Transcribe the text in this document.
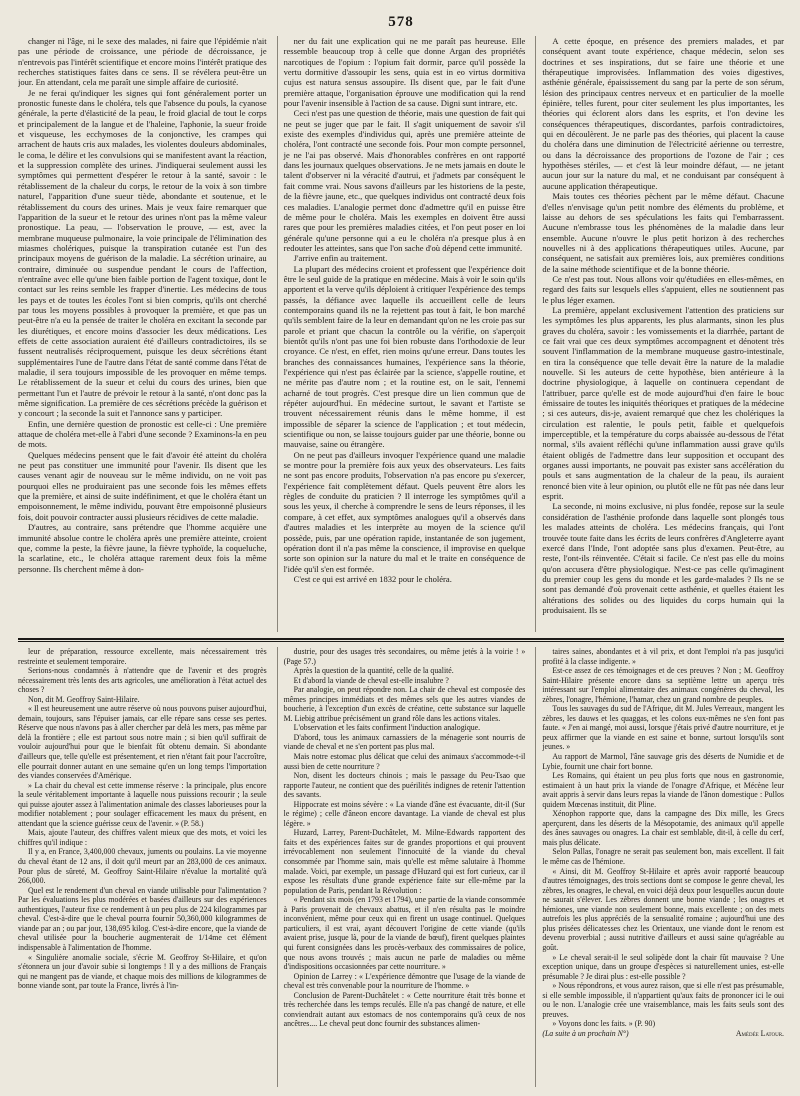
578

changer ni l'âge, ni le sexe des malades, ni faire que l'épidémie n'ait pas une période de croissance, une période de décroissance, je n'entrevois pas l'intérêt scientifique et encore moins l'intérêt pratique des recherches statistiques faites dans ce sens. Il se révélera peut-être un jour. En attendant, cela me paraît une simple affaire de curiosité.

Je ne ferai qu'indiquer les signes qui font généralement porter un pronostic funeste dans le choléra, tels que l'absence du pouls, la cyanose générale, la perte d'élasticité de la peau, le froid glacial de tout le corps et principalement de la langue et de l'haleine, l'aphonie, la sueur froide et visqueuse, les ecchymoses de la conjonctive, les crampes qui arrachent de hauts cris aux malades, les violentes douleurs abdominales, le coma, le délire et les convulsions qui se manifestent avant la réaction, et la suppression complète des urines. J'indiquerai seulement aussi les symptômes qui permettent d'espérer le retour à la santé, savoir : le rétablissement de la chaleur du corps, le retour de la voix à son timbre naturel, l'apparition d'une sueur tiède, abondante et soutenue, et le rétablissement du cours des urines. Mais je veux faire remarquer que l'apparition de la sueur et le retour des urines n'ont pas la même valeur pronostique. La peau, — l'observation le prouve, — est, avec la membrane muqueuse pulmonaire, la voie principale de l'élimination des miasmes cholériques, puisque la transpiration cutanée est l'un des principaux moyens de guérison de la maladie. La sécrétion urinaire, au contraire, diminuée ou suspendue pendant le cours de l'affection, n'entraîne avec elle qu'une bien faible portion de l'agent toxique, dont le contact sur les reins semble les frapper d'inertie. Les médecins de tous les pays et de toutes les écoles l'ont si bien compris, qu'ils ont cherché par tous les moyens possibles à provoquer la première, et que pas un peut-être n'a eu la pensée de traiter le choléra en excitant la seconde par les diurétiques, et encore moins d'associer les deux médications. Les effets de cette association auraient été d'ailleurs contradictoires, ils se fussent neutralisés réciproquement, puisque les deux sécrétions étant supplémentaires l'une de l'autre dans l'état de santé comme dans l'état de maladie, il sera toujours impossible de les provoquer en même temps. Le rétablissement de la sueur et celui du cours des urines, bien que permettant l'un et l'autre de prévoir le retour à la santé, n'ont donc pas la même signification. La première de ces sécrétions précède la guérison et y concourt ; la seconde la suit et l'annonce sans y participer.

Enfin, une dernière question de pronostic est celle-ci : Une première attaque de choléra met-elle à l'abri d'une seconde ? Examinons-la en peu de mots.

Quelques médecins pensent que le fait d'avoir été atteint du choléra ne peut pas constituer une immunité pour l'avenir. Ils disent que les causes venant agir de nouveau sur le même individu, on ne voit pas pourquoi elles ne produiraient pas une seconde fois les mêmes effets que la première, et ainsi de suite indéfiniment, et que le choléra étant un empoisonnement, le même individu, pouvant être empoisonné plusieurs fois, doit pouvoir contracter aussi plusieurs récidives de cette maladie.

D'autres, au contraire, sans prétendre que l'homme acquière une immunité absolue contre le choléra après une première atteinte, croient que, comme la peste, la fièvre jaune, la fièvre typhoïde, la coqueluche, la scarlatine, etc., le choléra attaque rarement deux fois la même personne. Ils cherchent même à don-

ner du fait une explication qui ne me paraît pas heureuse. Elle ressemble beaucoup trop à celle que donne Argan des propriétés narcotiques de l'opium : l'opium fait dormir, parce qu'il possède la vertu dormitive d'assoupir les sens, quia est in eo virtus dormitiva cujus est natura sensus assoupire. Ils disent que, par le fait d'une première attaque, l'organisation éprouve une modification qui la rend pour l'avenir insensible à l'action de sa cause. Digni sunt intrare, etc.

Ceci n'est pas une question de théorie, mais une question de fait qui ne peut se juger que par le fait. Il s'agit uniquement de savoir s'il existe des exemples d'individus qui, après une première atteinte de choléra, l'ont contracté une seconde fois. Pour mon compte personnel, je ne l'ai pas observé. Mais d'honorables confrères en ont rapporté dans les journaux quelques observations. Je ne mets jamais en doute le talent d'observer ni la véracité d'autrui, et j'admets par conséquent le fait comme vrai. Nous savons d'ailleurs par les historiens de la peste, de la fièvre jaune, etc., que quelques individus ont contracté deux fois ces maladies. L'analogie permet donc d'admettre qu'il en puisse être de même pour le choléra. Mais les exemples en doivent être aussi rares que pour les premières maladies citées, et l'on peut poser en loi générale qu'une personne qui a eu le choléra n'a presque plus à en redouter les atteintes, sans que l'on sache d'où dépend cette immunité.

J'arrive enfin au traitement.

La plupart des médecins croient et professent que l'expérience doit être le seul guide de la pratique en médecine. Mais à voir le soin qu'ils apportent et la verve qu'ils déploient à critiquer l'expérience des temps passés, la défiance avec laquelle ils accueillent celle de leurs contemporains quand ils ne la rejettent pas tout à fait, le bon marché qu'ils semblent faire de la leur en demandant qu'on ne les croie pas sur parole et priant que chacun la contrôle ou la vérifie, on s'aperçoit bientôt qu'ils n'ont pas une foi bien robuste dans l'orthodoxie de leur croyance. Ce n'est, en effet, rien moins qu'une erreur. Dans toutes les branches des connaissances humaines, l'expérience sans la théorie, l'expérience qui n'est pas éclairée par la science, s'appelle routine, et ne mérite pas d'autre nom ; et la routine est, on le sait, l'ennemi acharné de tout progrès. C'est presque dire un lien commun que de répéter aujourd'hui. En médecine surtout, le savant et l'artiste se trouvent nécessairement réunis dans le même homme, il est impossible de séparer la science de l'application ; et tout médecin, scientifique ou non, se laisse toujours guider par une théorie, bonne ou mauvaise, saine ou étrangère.

On ne peut pas d'ailleurs invoquer l'expérience quand une maladie se montre pour la première fois aux yeux des observateurs. Les faits ne sont pas encore produits, l'observation n'a pas encore pu s'exercer, l'expérience fait complètement défaut. Quels peuvent être alors les règles de conduite du praticien ? Il interroge les symptômes qu'il a sous les yeux, il cherche à comprendre le sens de leurs réponses, il les compare, à cet effet, aux symptômes analogues qu'il a observés dans d'autres maladies et les interprète au moyen de la science qu'il possède, puis, par une opération rapide, instantanée de son jugement, opération dont il n'a pas même la conscience, il improvise en quelque sorte son opinion sur la nature du mal et le traite en conséquence de l'idée qu'il s'en est formée.

C'est ce qui est arrivé en 1832 pour le choléra.

A cette époque, en présence des premiers malades, et par conséquent avant toute expérience, chaque médecin, selon ses doctrines et ses inspirations, dut se faire une théorie et une thérapeutique improvisées. Inflammation des voies digestives, asthénie générale, épaississement du sang par la perte de son sérum, lésion des principaux centres nerveux et en particulier de la moelle épinière, telles furent, pour citer seulement les plus importantes, les théories qui éclorent alors dans les esprits, et l'on devine les conséquences thérapeutiques, discordantes, parfois contradictoires, qui en découlèrent. Je ne parle pas des théories, qui placent la cause du choléra dans une diminution de l'électricité aérienne ou terrestre, ou dans la décroissance des proportions de l'ozone de l'air ; ces hypothèses stériles, — et c'est là leur moindre défaut, — ne jetant aucun jour sur la nature du mal, et ne conduisant par conséquent à aucune application thérapeutique.

Mais toutes ces théories pèchent par le même défaut. Chacune d'elles n'envisage qu'un petit nombre des éléments du problème, et laisse au dehors de ses spéculations les faits qui l'embarrassent. Aucune n'embrasse tous les phénomènes de la maladie dans leur ensemble. Aucune n'ouvre le plus petit horizon à des recherches nouvelles ni à des applications thérapeutiques utiles. Aucune, par conséquent, ne satisfait aux premières lois, aux premières conditions de la saine méthode scientifique et de la bonne théorie.

Ce n'est pas tout. Nous allons voir qu'étudiées en elles-mêmes, en regard des faits sur lesquels elles s'appuient, elles ne soutiennent pas le plus léger examen.

La première, appelant exclusivement l'attention des praticiens sur les symptômes les plus apparents, les plus alarmants, sinon les plus graves du choléra, savoir : les vomissements et la diarrhée, partant de ce fait vrai que ces deux symptômes accompagnent et dénotent très souvent l'inflammation de la membrane muqueuse gastro-intestinale, en tira la conséquence que telle devait être la nature de la maladie nouvelle. Si les auteurs de cette hypothèse, bien antérieure à la doctrine physiologique, à laquelle on continuera cependant de l'attribuer, parce qu'elle est de mode aujourd'hui d'en faire le bouc émissaire de toutes les iniquités théoriques et pratiques de la médecine ; si ces auteurs, dis-je, avaient remarqué que chez les cholériques la circulation est ralentie, le pouls petit, faible et quelquefois imperceptible, et la température du corps abaissée au-dessous de l'état normal, s'ils avaient réfléchi qu'une inflammation aussi grave qu'ils étaient obligés de l'admettre dans leur supposition et occupant des organes aussi importants, ne pouvait pas exister sans accélération du pouls et sans augmentation de la chaleur de la peau, ils auraient renoncé bien vite à leur opinion, ou plutôt elle ne fût pas née dans leur esprit.

La seconde, ni moins exclusive, ni plus fondée, repose sur la seule considération de l'asthénie profonde dans laquelle sont plongés tous les malades atteints de choléra. Les médecins français, qui l'ont trouvée toute faite dans les écrits de leurs confrères d'Angleterre ayant exercé dans l'Inde, l'ont adoptée sans plus d'examen. Peut-être, au reste, l'ont-ils réinventée. C'était si facile. Ce n'est pas elle du moins qu'on accusera d'être physiologique. N'est-ce pas celle qu'imaginent du premier coup les gens du monde et les garde-malades ? Ils ne se sont pas demandé d'où provenait cette asthénie, et quelles étaient les altérations des solides ou des liquides du corps humain qui la produisaient. Ils se

leur de préparation, ressource excellente, mais nécessairement très restreinte et seulement temporaire.

Serions-nous condamnés à n'attendre que de l'avenir et des progrès nécessairement très lents des arts agricoles, une amélioration à l'état actuel des choses ?

Non, dit M. Geoffroy Saint-Hilaire.

« Il est heureusement une autre réserve où nous pouvons puiser aujourd'hui, demain, toujours, sans l'épuiser jamais, car elle répare sans cesse ses pertes. Réserve que nous n'avons pas à aller chercher par delà les mers, pas même par delà la frontière ; elle est partout sous notre main ; si bien qu'il suffirait de vouloir aujourd'hui pour que le bienfait fût obtenu demain. Si abondante d'ailleurs que, telle qu'elle est présentement, et rien n'étant fait pour l'accroître, elle pourrait donner autant en une semaine qu'en un long temps l'importation des viandes conservées d'Amérique.

» La chair du cheval est cette immense réserve : la principale, plus encore la seule véritablement importante à laquelle nous puissions recourir ; la seule qui puisse ajouter assez à l'alimentation animale des classes laborieuses pour la modifier notablement ; pour soulager efficacement les maux du présent, en attendant que la science guérisse ceux de l'avenir. » (P. 58.)

Mais, ajoute l'auteur, des chiffres valent mieux que des mots, et voici les chiffres qu'il indique :

Il y a, en France, 3,400,000 chevaux, juments ou poulains. La vie moyenne du cheval étant de 12 ans, il doit qu'il meurt par an 283,000 de ces animaux. Pour plus de sûreté, M. Geoffroy Saint-Hilaire n'évalue la mortalité qu'à 266,000.

Quel est le rendement d'un cheval en viande utilisable pour l'alimentation ? Par les évaluations les plus modérées et basées d'ailleurs sur des expériences authentiques, l'auteur fixe ce rendement à un peu plus de 224 kilogrammes par cheval. C'est-à-dire que le cheval pourra fournir 50,360,000 kilogrammes de viande par an ; ou par jour, 138,695 kilog. C'est-à-dire encore, que la viande de cheval utilisée pour la boucherie augmenterait de 1/14me cet élément indispensable à l'alimentation de l'homme.

« Singulière anomalie sociale, s'écrie M. Geoffroy St-Hilaire, et qu'on s'étonnera un jour d'avoir subie si longtemps ! Il y a des millions de Français qui ne mangent pas de viande, et chaque mois des millions de kilogrammes de bonne viande sont, par toute la France, livrés à l'in-

dustrie, pour des usages très secondaires, ou même jetés à la voirie ! » (Page 57.)

Après la question de la quantité, celle de la qualité.

Et d'abord la viande de cheval est-elle insalubre ?

Par analogie, on peut répondre non. La chair de cheval est composée des mêmes principes immédiats et des mêmes sels que les autres viandes de boucherie, à l'exception d'un excès de créatine, cette substance sur laquelle M. Liebig attribue précisément un grand rôle dans les actions vitales.

L'observation et les faits confirment l'induction analogique.

D'abord, tous les animaux carnassiers de la ménagerie sont nourris de viande de cheval et ne s'en portent pas plus mal.

Mais notre estomac plus délicat que celui des animaux s'accommode-t-il aussi bien de cette nourriture ?

Non, disent les docteurs chinois ; mais le passage du Peu-Tsao que rapporte l'auteur, ne contient que des puérilités indignes de retenir l'attention des savants.

Hippocrate est moins sévère : « La viande d'âne est évacuante, dit-il (Sur le régime) ; celle d'âneon encore davantage. La viande de cheval est plus légère. »

Huzard, Larrey, Parent-Duchâtelet, M. Milne-Edwards rapportent des faits et des expériences faites sur de grandes proportions et qui prouvent irrévocablement non seulement l'innocuité de la viande du cheval consommée par l'homme sain, mais qu'elle est même salutaire à l'homme malade. Voici, par exemple, un passage d'Huzard qui est fort curieux, car il expose les résultats d'une grande expérience faite sur elle-même par la population de Paris, pendant la Révolution :

« Pendant six mois (en 1793 et 1794), une partie de la viande consommée à Paris provenait de chevaux abattus, et il n'en résulta pas le moindre inconvénient, même pour ceux qui en firent un usage continuel. Quelques particuliers, il est vrai, ayant découvert l'origine de cette viande (qu'ils avaient prise, jusque là, pour de la viande de bœuf), firent quelques plaintes qui furent consignées dans les procès-verbaux des commissaires de police, que nous avons trouvés ; mais aucun ne parle de maladies ou même d'indispositions occasionnées par cette nourriture. »

Opinion de Larrey : « L'expérience démontre que l'usage de la viande de cheval est très convenable pour la nourriture de l'homme. »

Conclusion de Parent-Duchâtelet : « Cette nourriture était très bonne et très recherchée dans les temps reculés. Elle n'a pas changé de nature, et elle conviendrait autant aux estomacs de nos contemporains qu'à ceux de nos ancêtres.... Le cheval peut donc fournir des substances alimen-

taires saines, abondantes et à vil prix, et dont l'emploi n'a pas jusqu'ici profité à la classe indigente. »

Est-ce assez de ces témoignages et de ces preuves ? Non ; M. Geoffroy Saint-Hilaire présente encore dans sa septième lettre un aperçu très intéressant sur l'emploi alimentaire des animaux congénères du cheval, les zèbres, l'onagre, l'hémione, l'hamar, chez un grand nombre de peuples.

Tous les sauvages du sud de l'Afrique, dit M. Jules Verreaux, mangent les zèbres, les dauws et les quaggas, et les colons eux-mêmes ne s'en font pas faute. « J'en ai mangé, moi aussi, lorsque j'étais privé d'autre nourriture, et je peux affirmer que la viande en est saine et bonne, surtout lorsqu'ils sont jeunes. »

Au rapport de Marmol, l'âne sauvage gris des déserts de Numidie et de Lybie, fournit une chair fort bonne.

Les Romains, qui étaient un peu plus forts que nous en gastronomie, estimaient à un haut prix la viande de l'onagre d'Afrique, et Mécène leur avait appris à servir dans leurs repas la viande de l'ânon domestique : Pullos quidem Mœcenas instituit, dit Pline.

Xénophon rapporte que, dans la campagne des Dix mille, les Grecs aperçurent, dans les déserts de la Mésopotamie, des animaux qu'il appelle des ânes sauvages ou onagres. La chair est semblable, dit-il, à celle du cerf, mais plus délicate.

Selon Pallas, l'onagre ne serait pas seulement bon, mais excellent. Il fait le même cas de l'hémione.

« Ainsi, dit M. Geoffroy St-Hilaire et après avoir rapporté beaucoup d'autres témoignages, des trois sections dont se compose le genre cheval, les zèbres, les onagres, le cheval, en voici déjà deux pour lesquelles aucun doute ne saurait s'élever. Les zèbres donnent une bonne viande ; les onagres et hémiones, une viande non seulement bonne, mais excellente ; on des mets autrefois les plus appréciés de la sensualité romaine ; aujourd'hui une des plus prisées délicatesses chez les Orientaux, une viande dont le renom est devenu proverbial ; aussi nutritive d'ailleurs et aussi saine qu'agréable au goût.

» Le cheval serait-il le seul solipède dont la chair fût mauvaise ? Une exception unique, dans un groupe d'espèces si naturellement unies, est-elle présumable ? Je dirai plus : est-elle possible ?

» Nous répondrons, et vous aurez raison, que si elle n'est pas présumable, si elle semble impossible, il n'appartient qu'aux faits de prononcer ici le oui ou le non. L'analogie crée une vraisemblance, mais les faits seuls sont des preuves.

» Voyons donc les faits. » (P. 90)

(La suite à un prochain N°)	Amédée Latour.
